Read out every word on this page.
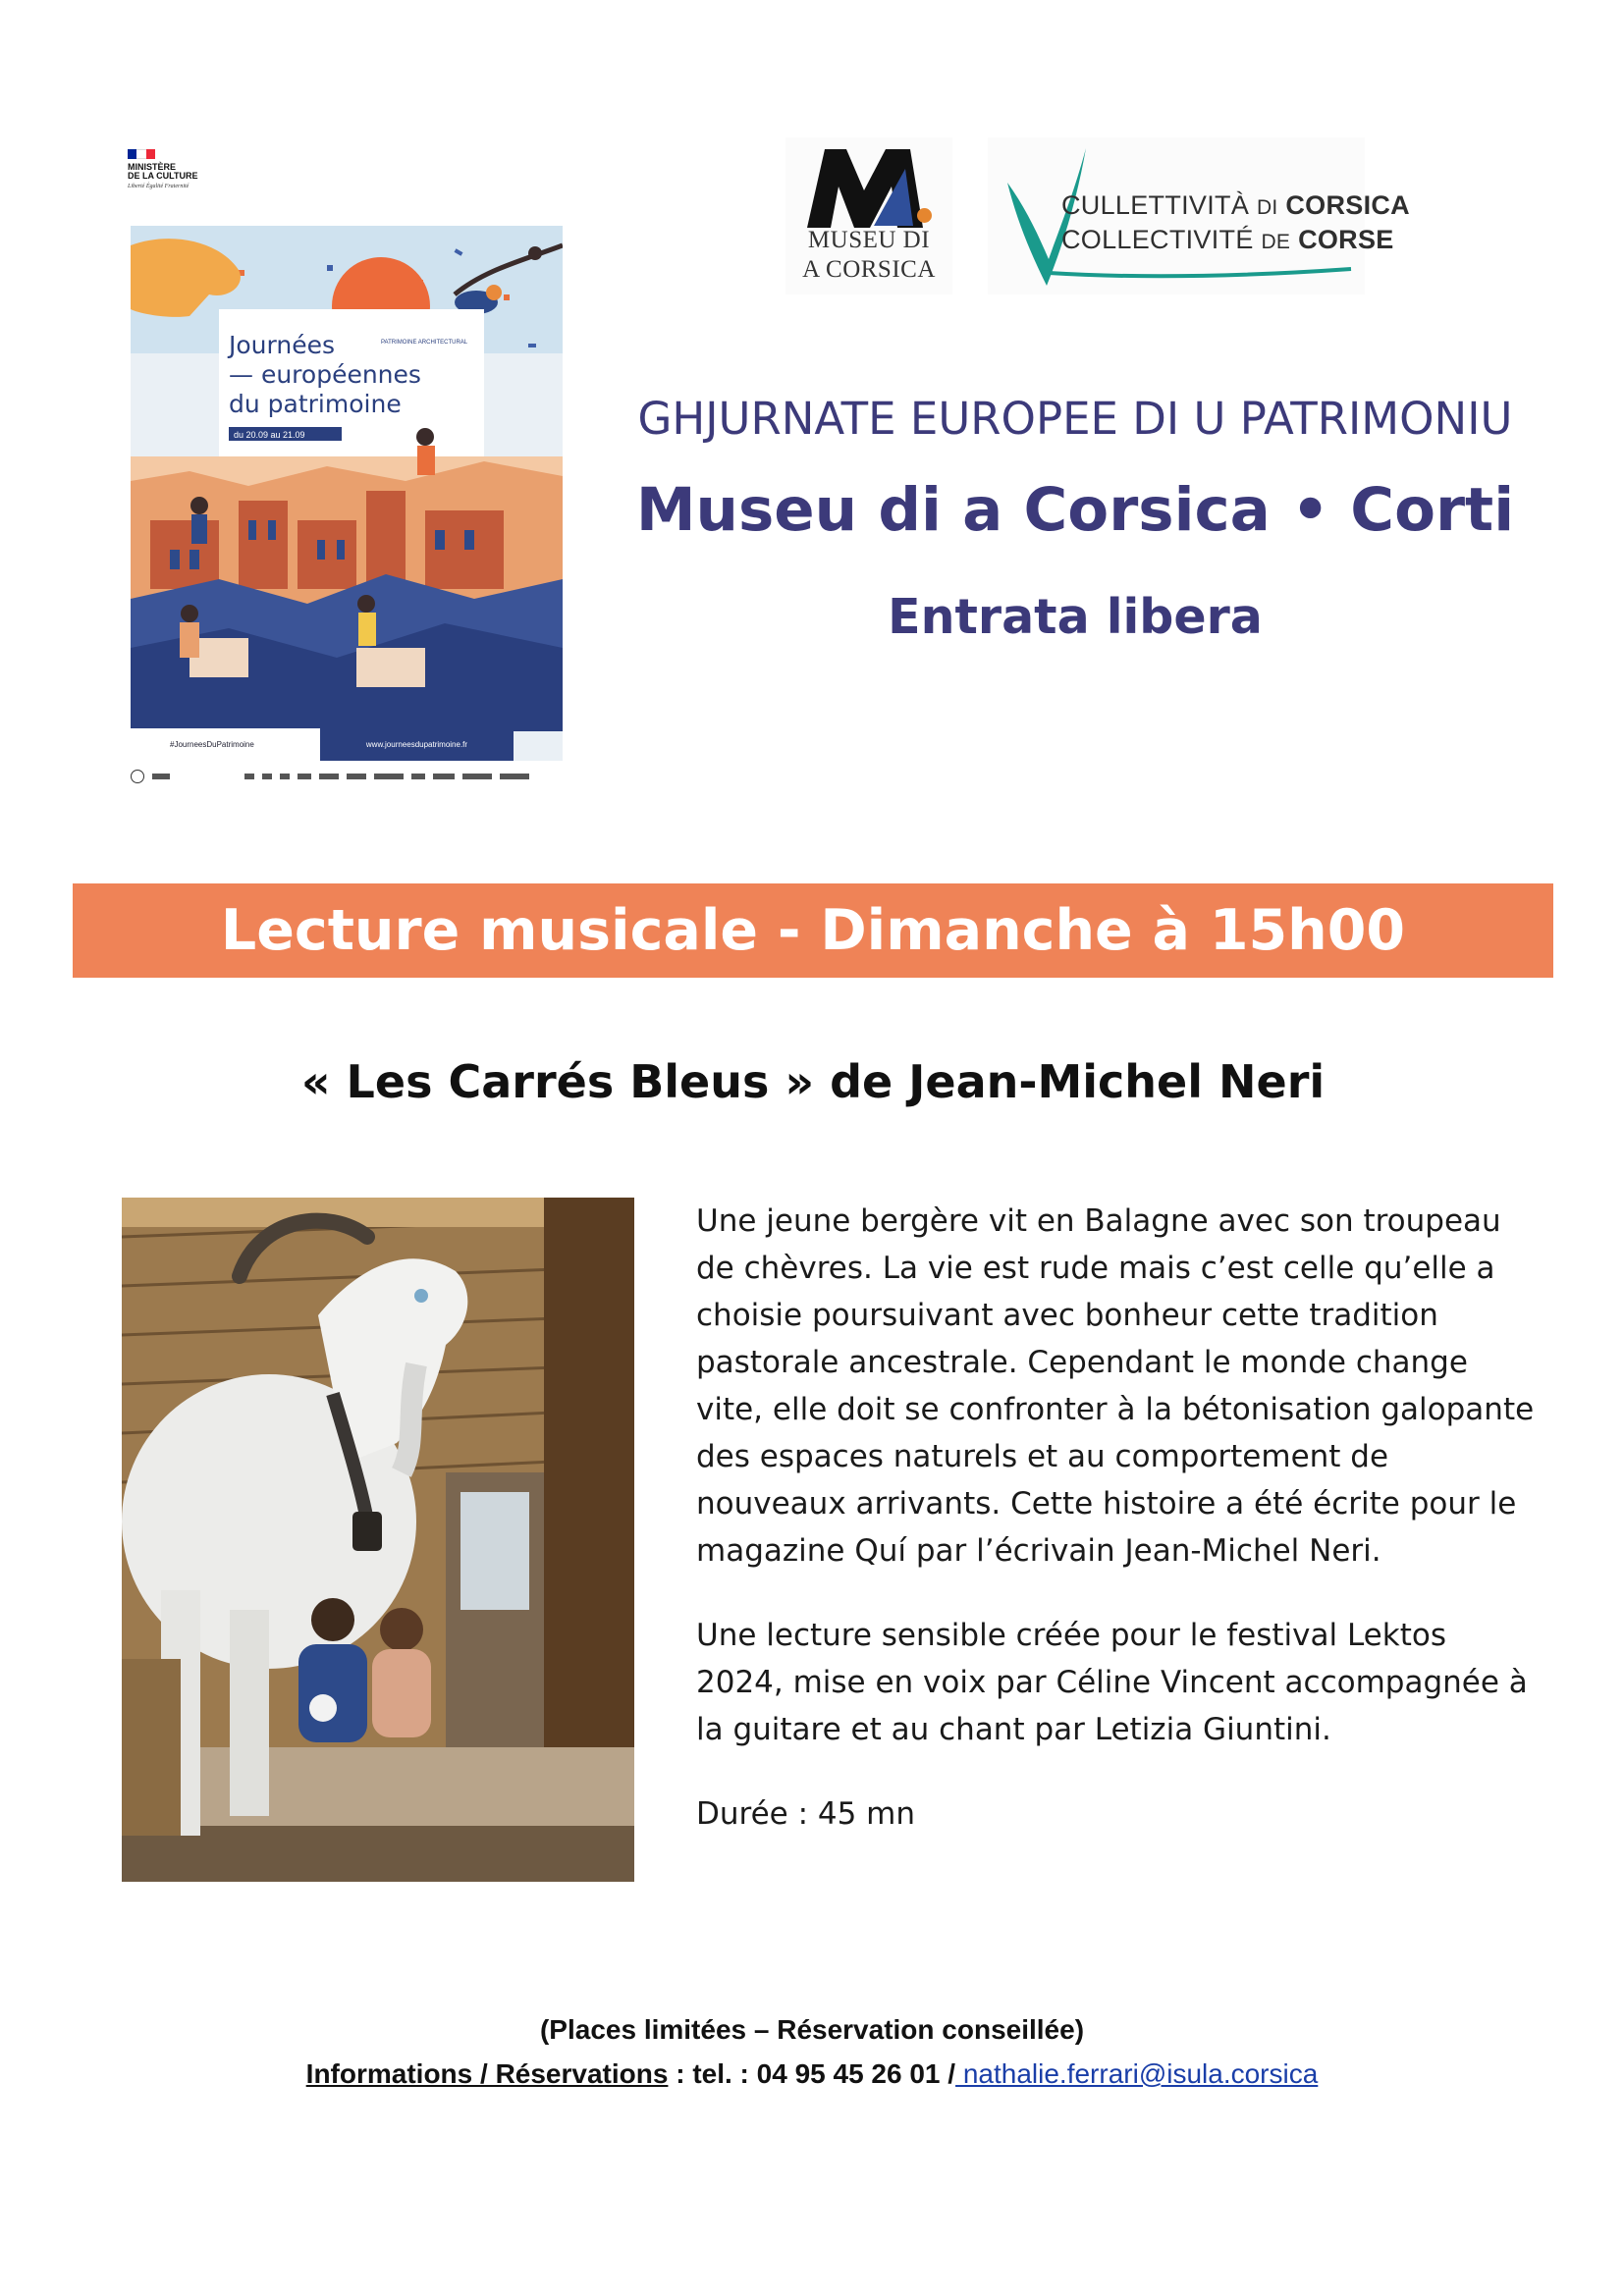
MINISTÈRE
DE LA CULTURE
Liberté Égalité Fraternité
Journées
— européennes
du patrimoine
PATRIMOINE ARCHITECTURAL
du 20.09 au 21.09
#JourneesDuPatrimoine	www.journeesdupatrimoine.fr
MUSEU DI
A CORSICA
CULLETTIVITÀ DI CORSICA
COLLECTIVITÉ DE CORSE
GHJURNATE EUROPEE DI U PATRIMONIU
Museu di a Corsica • Corti
Entrata libera
Lecture musicale - Dimanche à 15h00
« Les Carrés Bleus » de Jean-Michel Neri

Une jeune bergère vit en Balagne avec son troupeau de chèvres. La vie est rude mais c’est celle qu’elle a choisie poursuivant avec bonheur cette tradition pastorale ancestrale. Cependant le monde change vite, elle doit se confronter à la bétonisation galopante des espaces naturels et au comportement de nouveaux arrivants. Cette histoire a été écrite pour le magazine Quí par l’écrivain Jean-Michel Neri.

Une lecture sensible créée pour le festival Lektos 2024, mise en voix par Céline Vincent accompagnée à la guitare et au chant par Letizia Giuntini.

Durée : 45 mn

(Places limitées – Réservation conseillée)
Informations / Réservations : tel. : 04 95 45 26 01 / nathalie.ferrari@isula.corsica
